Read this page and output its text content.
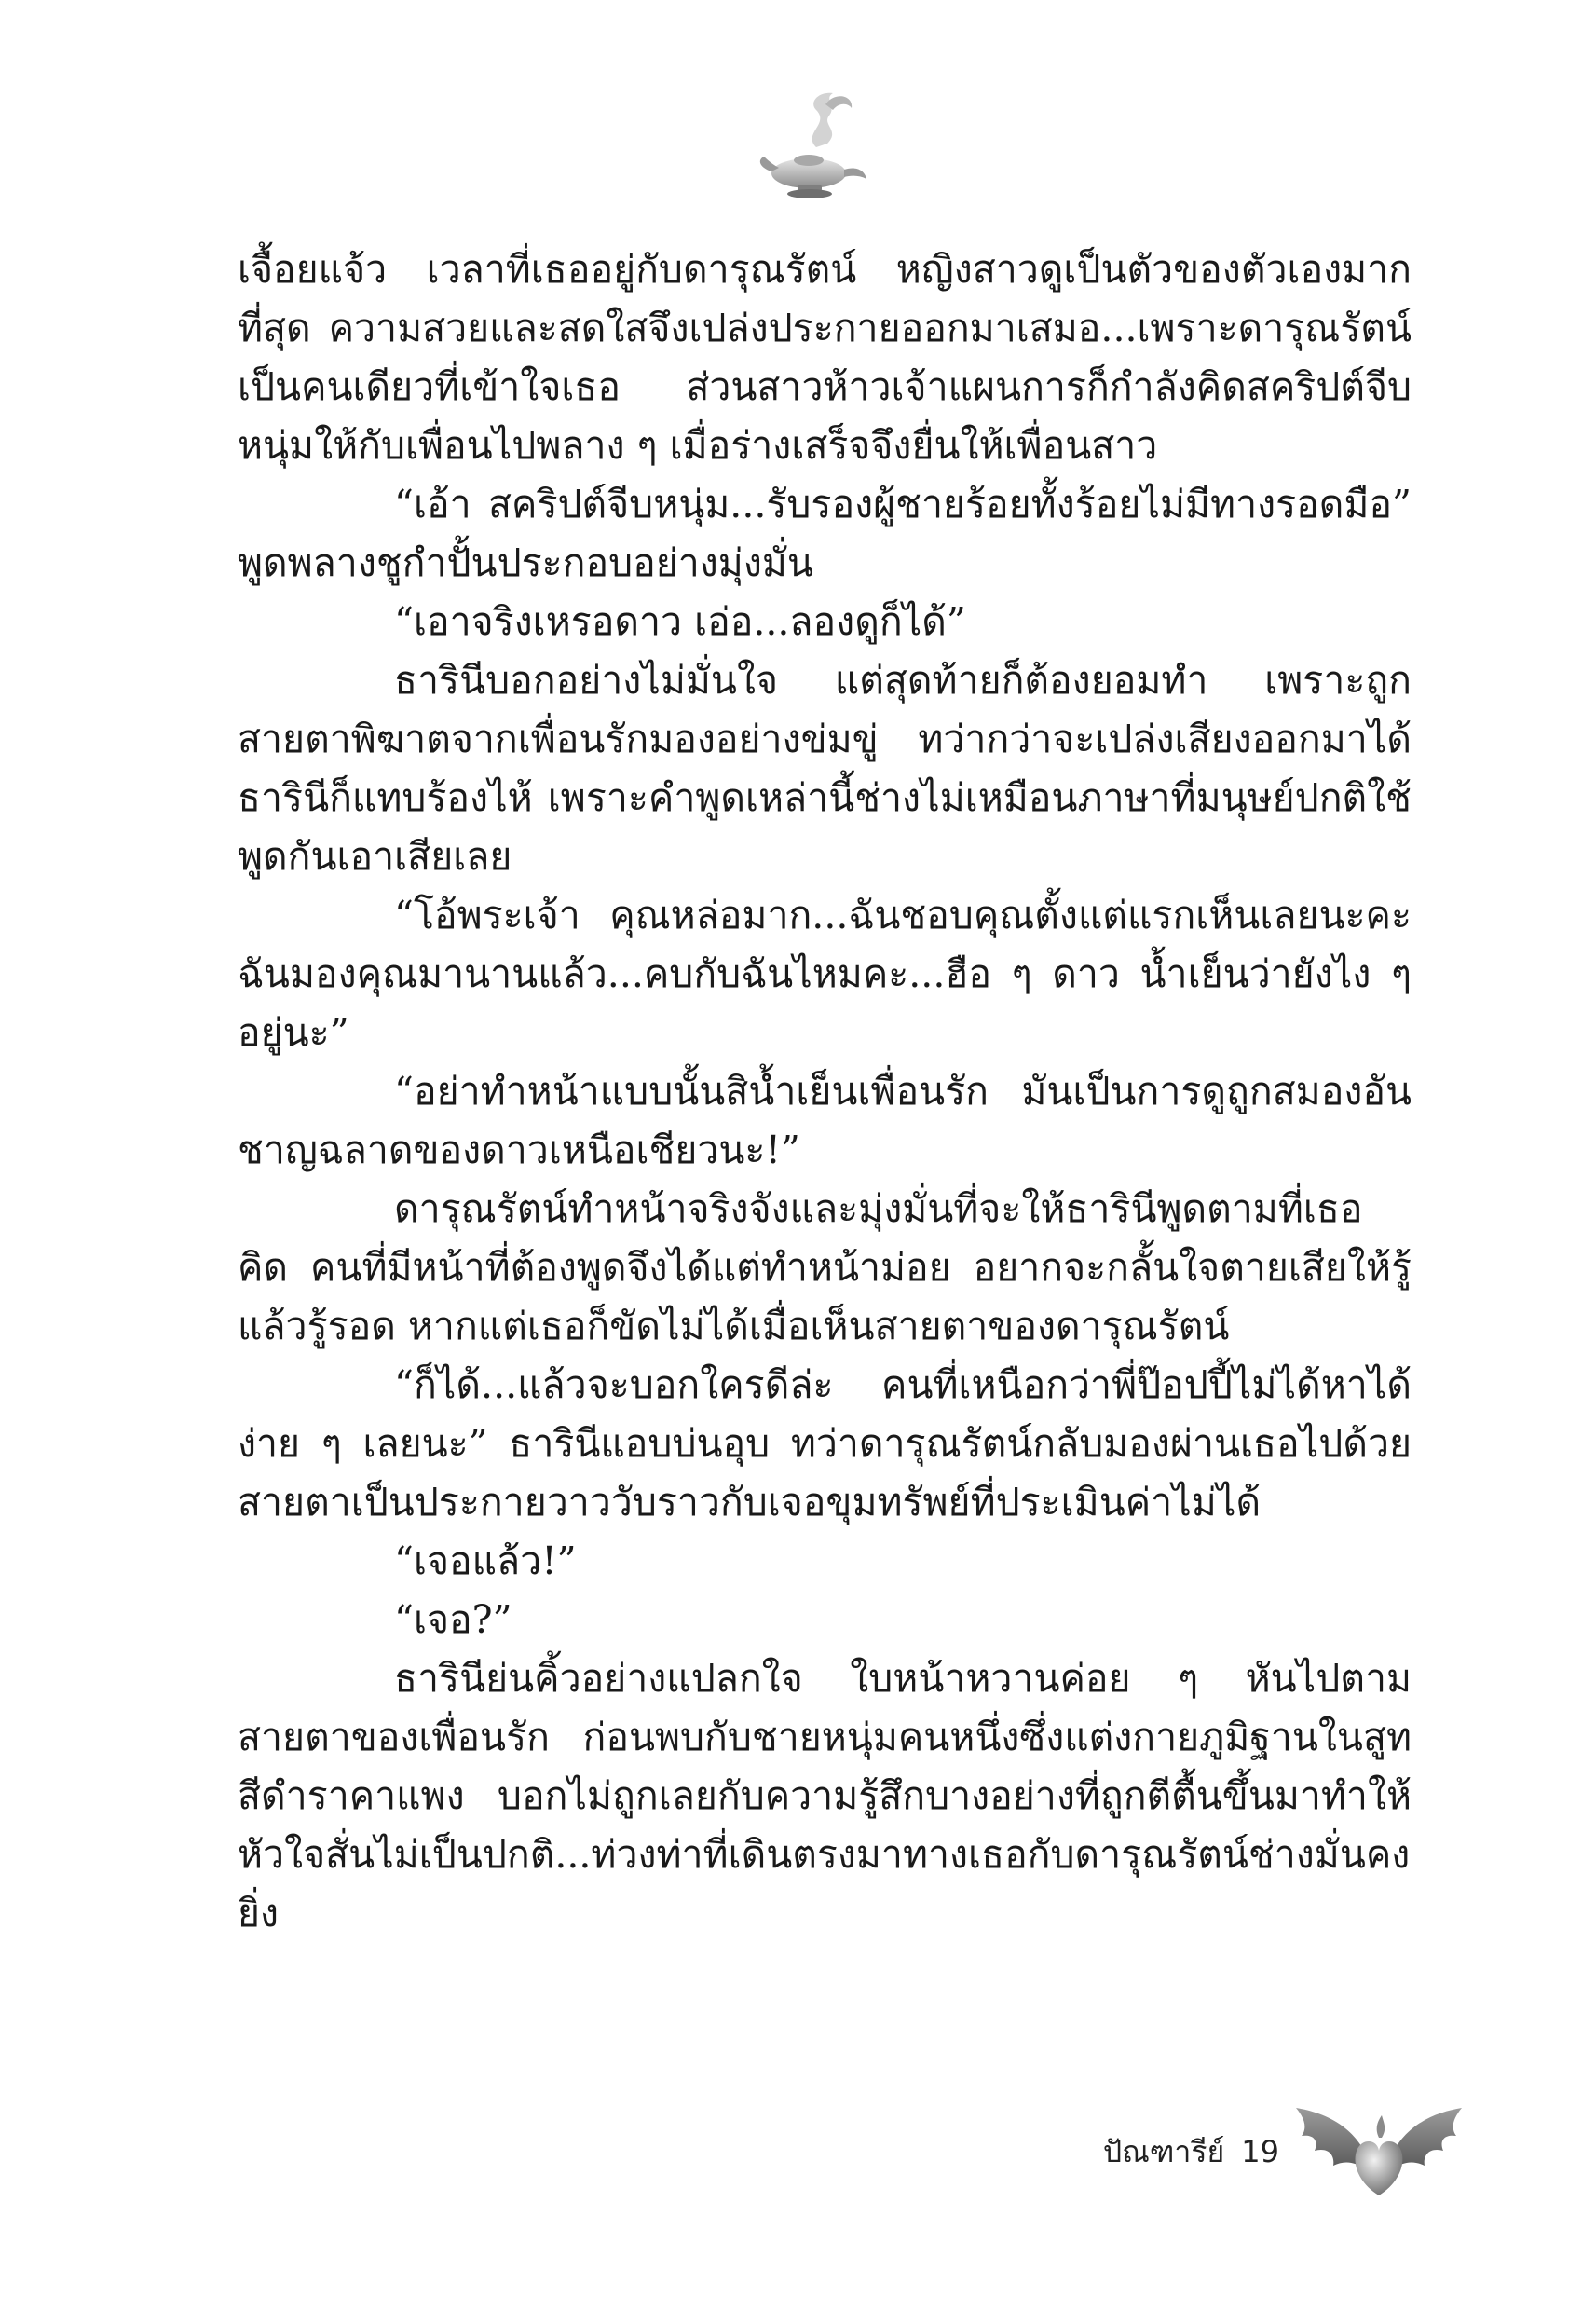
เจื้อยแจ้ว เวลาที่เธออยู่กับดารุณรัตน์ หญิงสาวดูเป็นตัวของตัวเองมากที่สุด ความสวยและสดใสจึงเปล่งประกายออกมาเสมอ...เพราะดารุณรัตน์เป็นคนเดียวที่เข้าใจเธอ ส่วนสาวห้าวเจ้าแผนการก็กำลังคิดสคริปต์จีบหนุ่มให้กับเพื่อนไปพลาง ๆ เมื่อร่างเสร็จจึงยื่นให้เพื่อนสาว

“เอ้า สคริปต์จีบหนุ่ม...รับรองผู้ชายร้อยทั้งร้อยไม่มีทางรอดมือ” พูดพลางชูกำปั้นประกอบอย่างมุ่งมั่น

“เอาจริงเหรอดาว เอ่อ...ลองดูก็ได้”

ธารินีบอกอย่างไม่มั่นใจ แต่สุดท้ายก็ต้องยอมทำ เพราะถูกสายตาพิฆาตจากเพื่อนรักมองอย่างข่มขู่ ทว่ากว่าจะเปล่งเสียงออกมาได้ ธารินีก็แทบร้องไห้ เพราะคำพูดเหล่านี้ช่างไม่เหมือนภาษาที่มนุษย์ปกติใช้พูดกันเอาเสียเลย

“โอ้พระเจ้า คุณหล่อมาก...ฉันชอบคุณตั้งแต่แรกเห็นเลยนะคะ ฉันมองคุณมานานแล้ว...คบกับฉันไหมคะ...ฮือ ๆ ดาว น้ำเย็นว่ายังไง ๆ อยู่นะ”

“อย่าทำหน้าแบบนั้นสิน้ำเย็นเพื่อนรัก มันเป็นการดูถูกสมองอันชาญฉลาดของดาวเหนือเชียวนะ!”

ดารุณรัตน์ทำหน้าจริงจังและมุ่งมั่นที่จะให้ธารินีพูดตามที่เธอคิด คนที่มีหน้าที่ต้องพูดจึงได้แต่ทำหน้าม่อย อยากจะกลั้นใจตายเสียให้รู้แล้วรู้รอด หากแต่เธอก็ขัดไม่ได้เมื่อเห็นสายตาของดารุณรัตน์

“ก็ได้...แล้วจะบอกใครดีล่ะ คนที่เหนือกว่าพี่ป๊อปปี้ไม่ได้หาได้ง่าย ๆ เลยนะ” ธารินีแอบบ่นอุบ ทว่าดารุณรัตน์กลับมองผ่านเธอไปด้วยสายตาเป็นประกายวาววับราวกับเจอขุมทรัพย์ที่ประเมินค่าไม่ได้

“เจอแล้ว!”

“เจอ?”

ธารินีย่นคิ้วอย่างแปลกใจ ใบหน้าหวานค่อย ๆ หันไปตามสายตาของเพื่อนรัก ก่อนพบกับชายหนุ่มคนหนึ่งซึ่งแต่งกายภูมิฐานในสูทสีดำราคาแพง บอกไม่ถูกเลยกับความรู้สึกบางอย่างที่ถูกตีตื้นขึ้นมาทำให้หัวใจสั่นไม่เป็นปกติ...ท่วงท่าที่เดินตรงมาทางเธอกับดารุณรัตน์ช่างมั่นคง ยิ่ง

ปัณฑารีย์ 19
